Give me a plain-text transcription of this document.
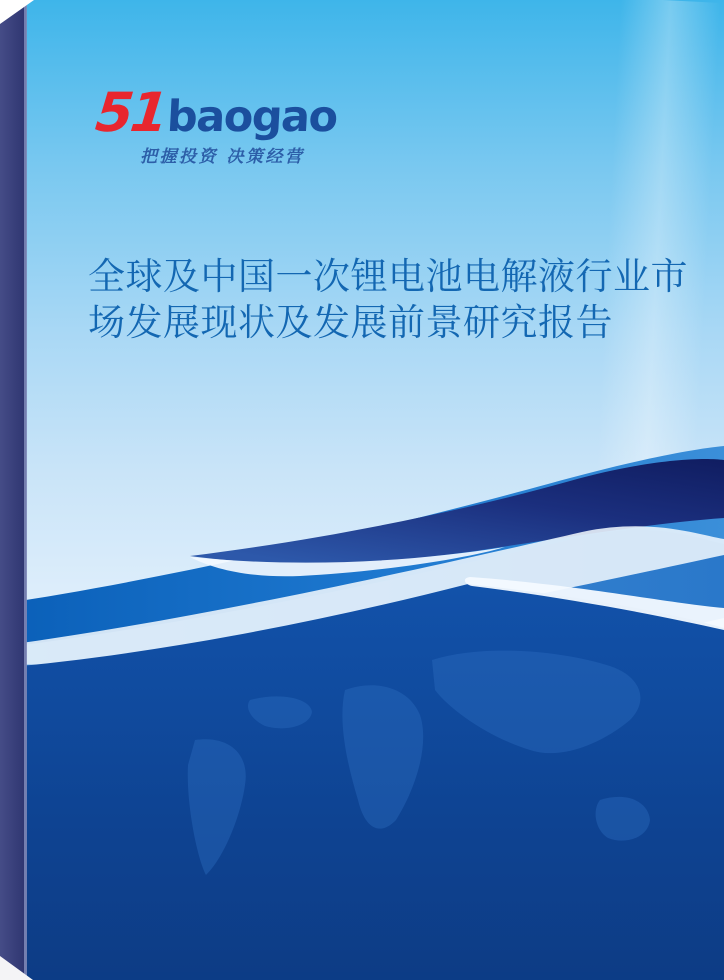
51
baogao
把握投资 决策经营
全球及中国一次锂电池电解液行业市
场发展现状及发展前景研究报告
